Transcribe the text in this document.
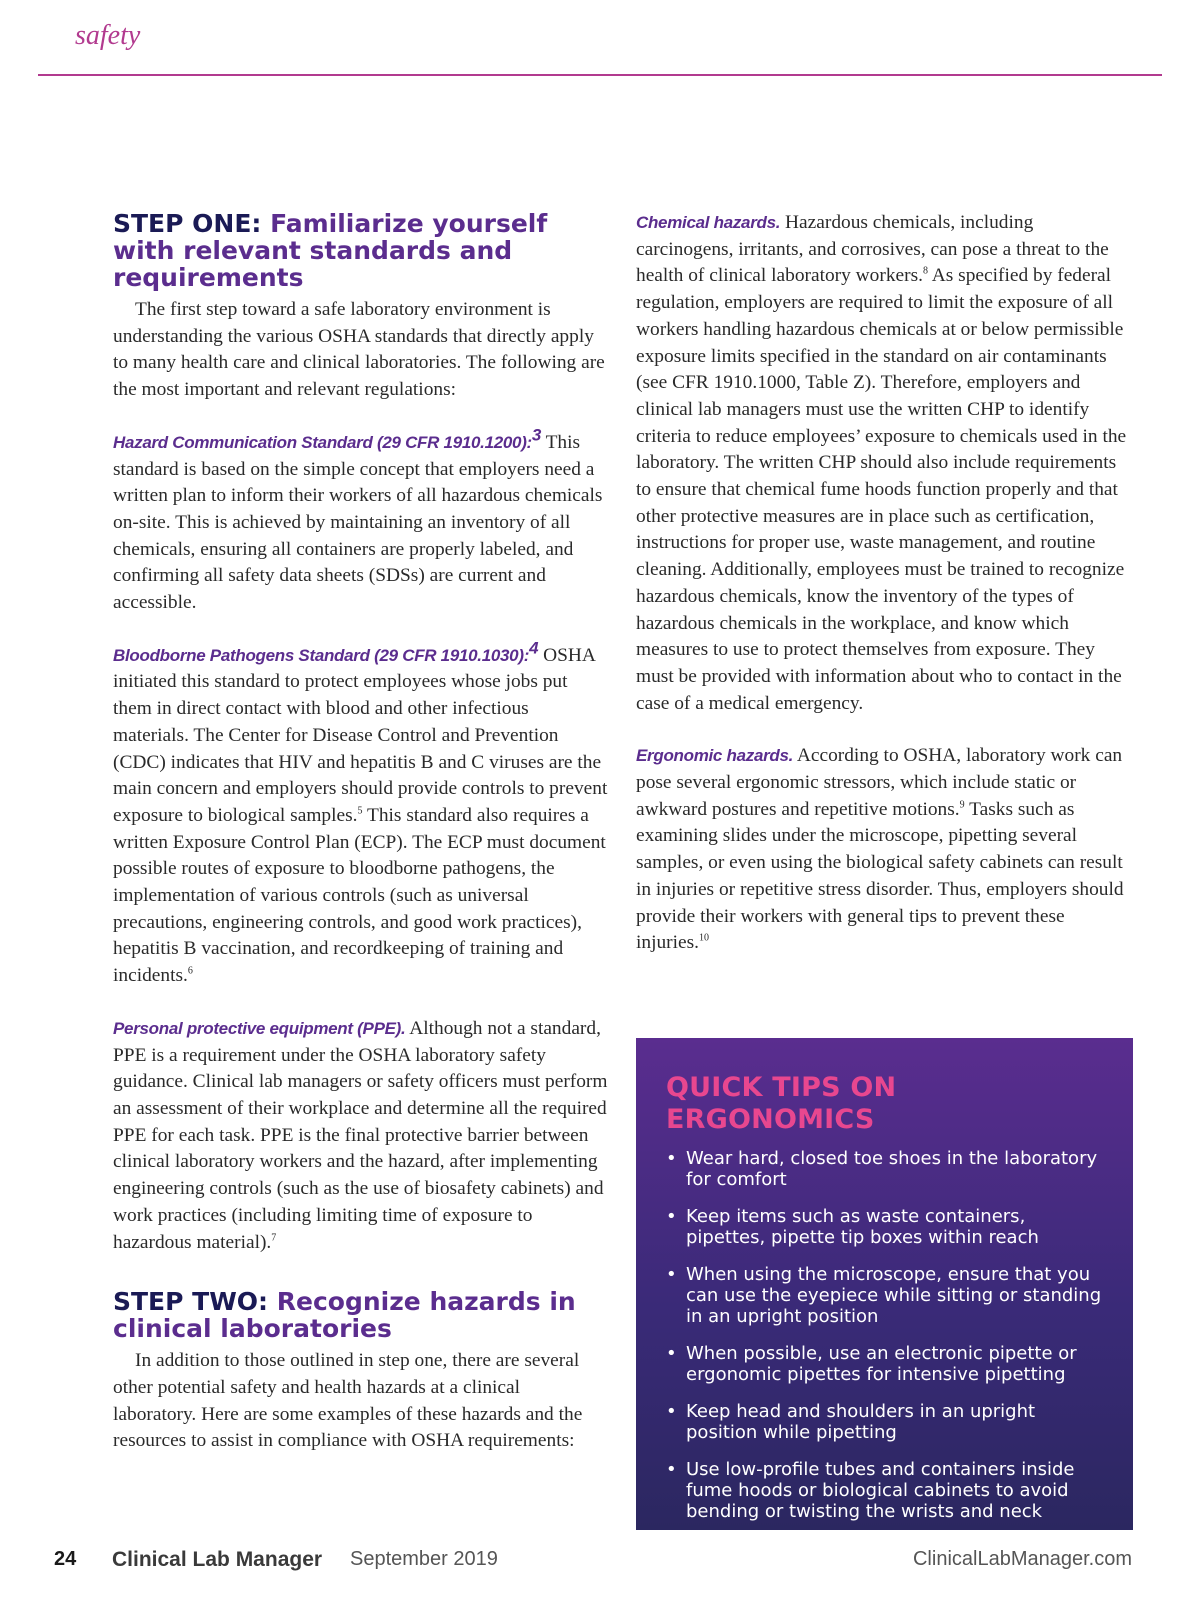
safety
STEP ONE: Familiarize yourself with relevant standards and requirements

The first step toward a safe laboratory environment is understanding the various OSHA standards that directly apply to many health care and clinical laboratories. The following are the most important and relevant regulations:

Hazard Communication Standard (29 CFR 1910.1200):$^3$ This standard is based on the simple concept that employers need a written plan to inform their workers of all hazardous chemicals on-site. This is achieved by maintaining an inventory of all chemicals, ensuring all containers are properly labeled, and confirming all safety data sheets (SDSs) are current and accessible.

Bloodborne Pathogens Standard (29 CFR 1910.1030):$^4$ OSHA initiated this standard to protect employees whose jobs put them in direct contact with blood and other infectious materials. The Center for Disease Control and Prevention (CDC) indicates that HIV and hepatitis B and C viruses are the main concern and employers should provide controls to prevent exposure to biological samples.$^5$ This standard also requires a written Exposure Control Plan (ECP). The ECP must document possible routes of exposure to bloodborne pathogens, the implementation of various controls (such as universal precautions, engineering controls, and good work practices), hepatitis B vaccination, and recordkeeping of training and incidents.$^6$

Personal protective equipment (PPE). Although not a standard, PPE is a requirement under the OSHA laboratory safety guidance. Clinical lab managers or safety officers must perform an assessment of their workplace and determine all the required PPE for each task. PPE is the final protective barrier between clinical laboratory workers and the hazard, after implementing engineering controls (such as the use of biosafety cabinets) and work practices (including limiting time of exposure to hazardous material).$^7$

STEP TWO: Recognize hazards in clinical laboratories

In addition to those outlined in step one, there are several other potential safety and health hazards at a clinical laboratory. Here are some examples of these hazards and the resources to assist in compliance with OSHA requirements:

Chemical hazards. Hazardous chemicals, including carcinogens, irritants, and corrosives, can pose a threat to the health of clinical laboratory workers.$^8$ As specified by federal regulation, employers are required to limit the exposure of all workers handling hazardous chemicals at or below permissible exposure limits specified in the standard on air contaminants (see CFR 1910.1000, Table Z). Therefore, employers and clinical lab managers must use the written CHP to identify criteria to reduce employees’ exposure to chemicals used in the laboratory. The written CHP should also include requirements to ensure that chemical fume hoods function properly and that other protective measures are in place such as certification, instructions for proper use, waste management, and routine cleaning. Additionally, employees must be trained to recognize hazardous chemicals, know the inventory of the types of hazardous chemicals in the workplace, and know which measures to use to protect themselves from exposure. They must be provided with information about who to contact in the case of a medical emergency.

Ergonomic hazards. According to OSHA, laboratory work can pose several ergonomic stressors, which include static or awkward postures and repetitive motions.$^9$ Tasks such as examining slides under the microscope, pipetting several samples, or even using the biological safety cabinets can result in injuries or repetitive stress disorder. Thus, employers should provide their workers with general tips to prevent these injuries.$^{10}$

QUICK TIPS ON ERGONOMICS
• Wear hard, closed toe shoes in the laboratory for comfort
• Keep items such as waste containers, pipettes, pipette tip boxes within reach
• When using the microscope, ensure that you can use the eyepiece while sitting or standing in an upright position
• When possible, use an electronic pipette or ergonomic pipettes for intensive pipetting
• Keep head and shoulders in an upright position while pipetting
• Use low-profile tubes and containers inside fume hoods or biological cabinets to avoid bending or twisting the wrists and neck
24 Clinical Lab Manager September 2019	ClinicalLabManager.com
